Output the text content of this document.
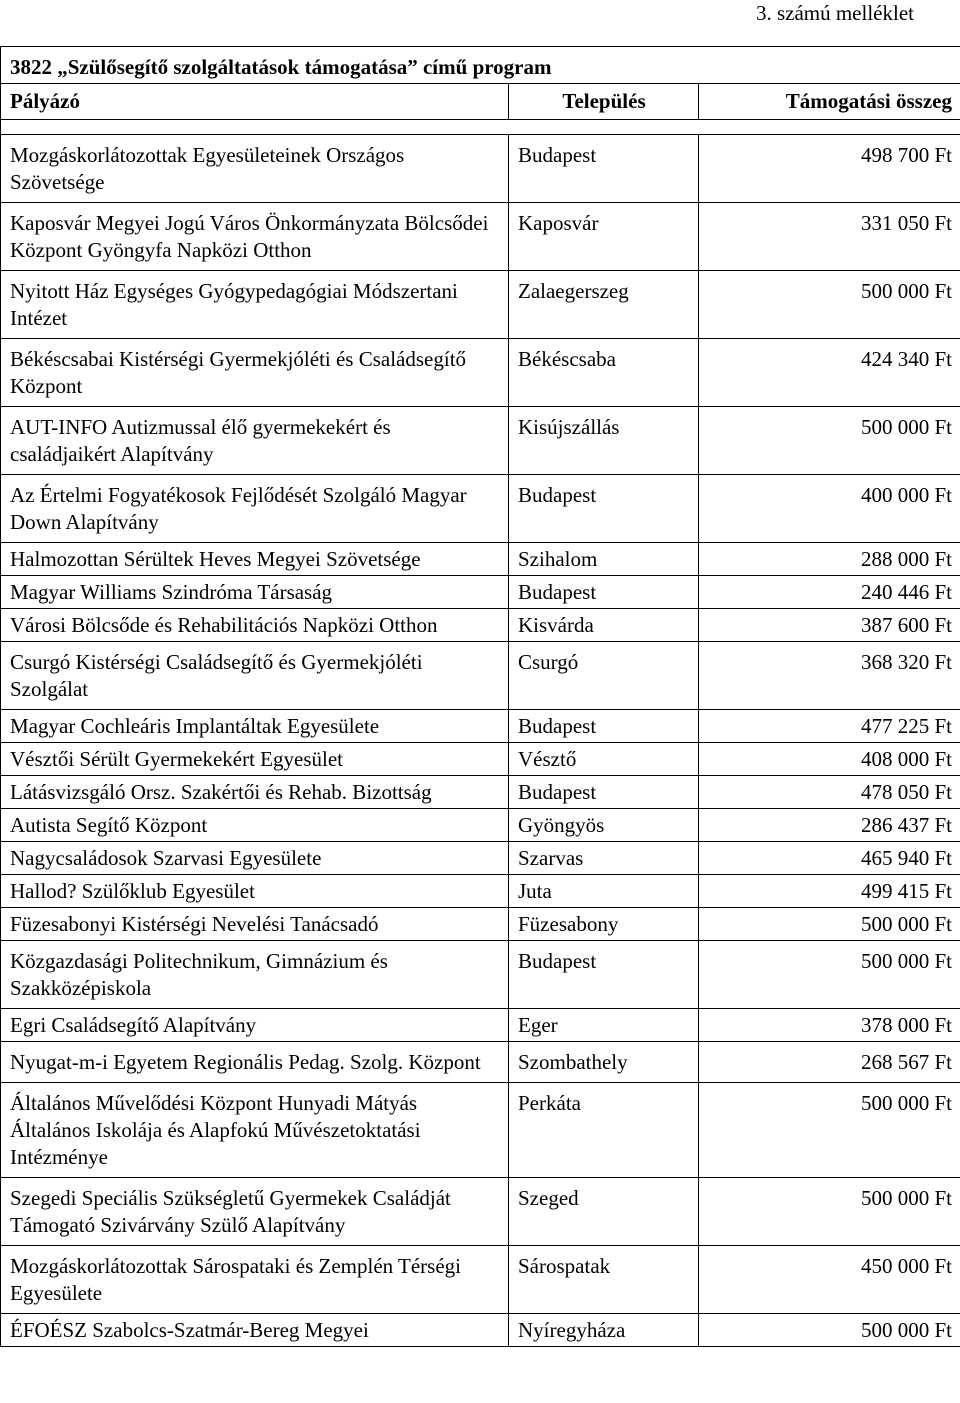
3. számú melléklet
3822 „Szülősegítő szolgáltatások támogatása” című program		
Pályázó	Település	Támogatási összeg

Mozgáskorlátozottak Egyesületeinek Országos Szövetsége	Budapest	498 700 Ft
Kaposvár Megyei Jogú Város Önkormányzata Bölcsődei Központ Gyöngyfa Napközi Otthon	Kaposvár	331 050 Ft
Nyitott Ház Egységes Gyógypedagógiai Módszertani Intézet	Zalaegerszeg	500 000 Ft
Békéscsabai Kistérségi Gyermekjóléti és Családsegítő Központ	Békéscsaba	424 340 Ft
AUT-INFO Autizmussal élő gyermekekért és családjaikért Alapítvány	Kisújszállás	500 000 Ft
Az Értelmi Fogyatékosok Fejlődését Szolgáló Magyar Down Alapítvány	Budapest	400 000 Ft
Halmozottan Sérültek Heves Megyei Szövetsége	Szihalom	288 000 Ft
Magyar Williams Szindróma Társaság	Budapest	240 446 Ft
Városi Bölcsőde és Rehabilitációs Napközi Otthon	Kisvárda	387 600 Ft
Csurgó Kistérségi Családsegítő és Gyermekjóléti Szolgálat	Csurgó	368 320 Ft
Magyar Cochleáris Implantáltak Egyesülete	Budapest	477 225 Ft
Vésztői Sérült Gyermekekért Egyesület	Vésztő	408 000 Ft
Látásvizsgáló Orsz. Szakértői és Rehab. Bizottság	Budapest	478 050 Ft
Autista Segítő Központ	Gyöngyös	286 437 Ft
Nagycsaládosok Szarvasi Egyesülete	Szarvas	465 940 Ft
Hallod? Szülőklub Egyesület	Juta	499 415 Ft
Füzesabonyi Kistérségi Nevelési Tanácsadó	Füzesabony	500 000 Ft
Közgazdasági Politechnikum, Gimnázium és Szakközépiskola	Budapest	500 000 Ft
Egri Családsegítő Alapítvány	Eger	378 000 Ft
Nyugat-m-i Egyetem Regionális Pedag. Szolg. Központ	Szombathely	268 567 Ft
Általános Művelődési Központ Hunyadi Mátyás Általános Iskolája és Alapfokú Művészetoktatási Intézménye	Perkáta	500 000 Ft
Szegedi Speciális Szükségletű Gyermekek Családját Támogató Szivárvány Szülő Alapítvány	Szeged	500 000 Ft
Mozgáskorlátozottak Sárospataki és Zemplén Térségi Egyesülete	Sárospatak	450 000 Ft
ÉFOÉSZ Szabolcs-Szatmár-Bereg Megyei	Nyíregyháza	500 000 Ft
